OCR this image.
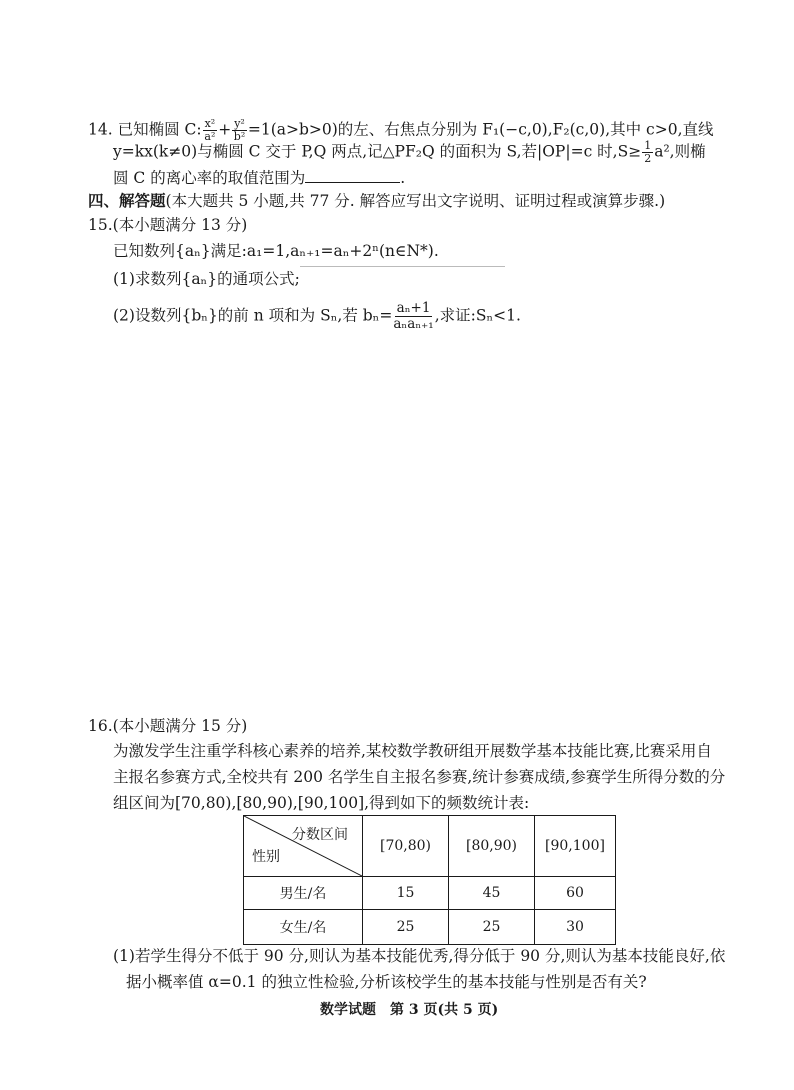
14. 已知椭圆 C: $\frac{\text{x²}}{\text{a²}} + \frac{\text{y²}}{\text{b²}} =1(a>b>0)$的左、右焦点分别为 F₁(−c,0),F₂(c,0),其中 c>0,直线
y=kx(k≠0)与椭圆 C 交于 P,Q 两点,记△PF₂Q 的面积为 S,若|OP|=c 时$,S\ge \frac{1}{2} a^2$,则椭
圆 C 的离心率的取值范围为	.
四、解答题(本大题共 5 小题,共 77 分. 解答应写出文字说明、证明过程或演算步骤.)
15.(本小题满分 13 分)
已知数列{aₙ}满足:a₁=1,aₙ₊₁=aₙ+2ⁿ(n∈N*).
(1)求数列{aₙ}的通项公式;
(2)设数列{bₙ}的前 n 项和为 Sₙ,若 $b_n= \frac{\text{aₙ+1}}{\text{aₙaₙ₊₁}}$ ,求证:Sₙ<1.
16.(本小题满分 15 分)
为激发学生注重学科核心素养的培养,某校数学教研组开展数学基本技能比赛,比赛采用自
主报名参赛方式,全校共有 200 名学生自主报名参赛,统计参赛成绩,参赛学生所得分数的分
组区间为[70,80),[80,90),[90,100],得到如下的频数统计表:
分数区间
性别	[70,80)	[80,90)	[90,100]
男生/名	15	45	60
女生/名	25	25	30
(1)若学生得分不低于 90 分,则认为基本技能优秀,得分低于 90 分,则认为基本技能良好,依
据小概率值 α=0.1 的独立性检验,分析该校学生的基本技能与性别是否有关?
数学试题　第 3 页(共 5 页)
